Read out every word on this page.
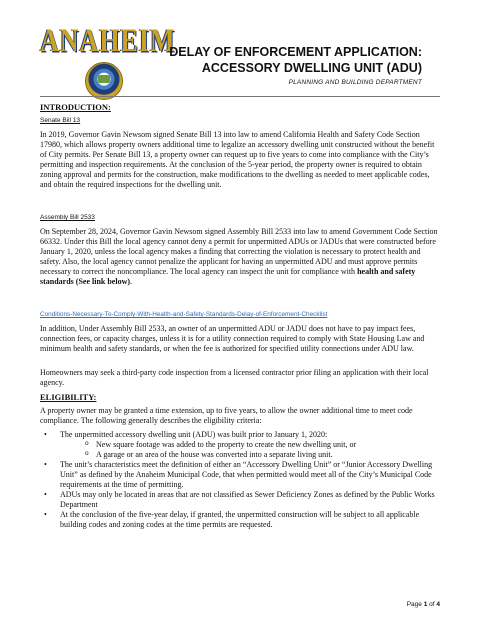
ANAHEIM
DELAY OF ENFORCEMENT APPLICATION:
ACCESSORY DWELLING UNIT (ADU)
PLANNING AND BUILDING DEPARTMENT
INTRODUCTION:
Senate Bill 13

In 2019, Governor Gavin Newsom signed Senate Bill 13 into law to amend California Health and Safety Code Section 17980, which allows property owners additional time to legalize an accessory dwelling unit constructed without the benefit of City permits. Per Senate Bill 13, a property owner can request up to five years to come into compliance with the City’s permitting and inspection requirements. At the conclusion of the 5-year period, the property owner is required to obtain zoning approval and permits for the construction, make modifications to the dwelling as needed to meet applicable codes, and obtain the required inspections for the dwelling unit.

Assembly Bill 2533

On September 28, 2024, Governor Gavin Newsom signed Assembly Bill 2533 into law to amend Government Code Section 66332. Under this Bill the local agency cannot deny a permit for unpermitted ADUs or JADUs that were constructed before January 1, 2020, unless the local agency makes a finding that correcting the violation is necessary to protect health and safety. Also, the local agency cannot penalize the applicant for having an unpermitted ADU and must approve permits necessary to correct the noncompliance. The local agency can inspect the unit for compliance with health and safety standards (See link below).

Conditions-Necessary-To-Comply-With-Health-and-Safety-Standards-Delay-of-Enforcement-Checklist

In addition, Under Assembly Bill 2533, an owner of an unpermitted ADU or JADU does not have to pay impact fees, connection fees, or capacity charges, unless it is for a utility connection required to comply with State Housing Law and minimum health and safety standards, or when the fee is authorized for specified utility connections under ADU law.

Homeowners may seek a third-party code inspection from a licensed contractor prior filing an application with their local agency.

ELIGIBILITY:

A property owner may be granted a time extension, up to five years, to allow the owner additional time to meet code compliance. The following generally describes the eligibility criteria:

• The unpermitted accessory dwelling unit (ADU) was built prior to January 1, 2020:
o New square footage was added to the property to create the new dwelling unit, or
o A garage or an area of the house was converted into a separate living unit.
• The unit’s characteristics meet the definition of either an “Accessory Dwelling Unit” or “Junior Accessory Dwelling Unit” as defined by the Anaheim Municipal Code, that when permitted would meet all of the City’s Municipal Code requirements at the time of permitting.
• ADUs may only be located in areas that are not classified as Sewer Deficiency Zones as defined by the Public Works Department
• At the conclusion of the five-year delay, if granted, the unpermitted construction will be subject to all applicable building codes and zoning codes at the time permits are requested.
Page 1 of 4
